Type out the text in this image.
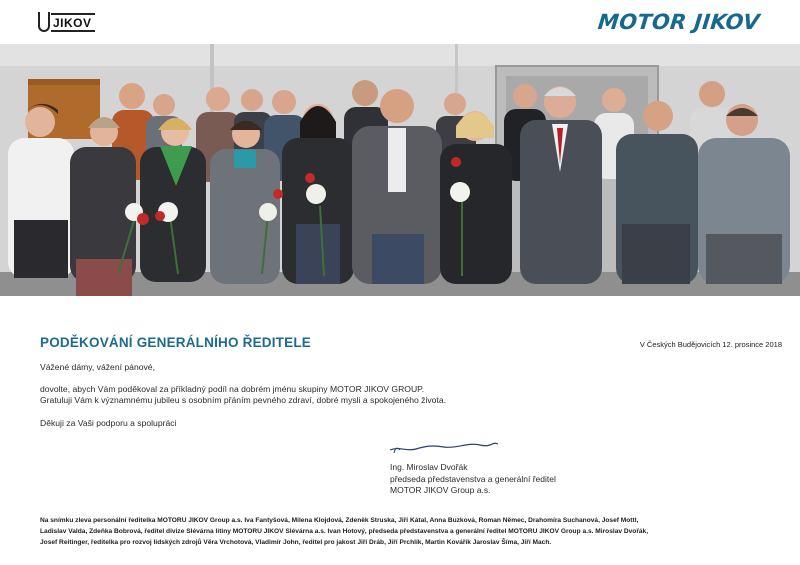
JIKOV	MOTOR JIKOV
PODĚKOVÁNÍ GENERÁLNÍHO ŘEDITELE	V Českých Budějovicích 12. prosince 2018

Vážené dámy, vážení pánové,

dovolte, abych Vám poděkoval za příkladný podíl na dobrém jménu skupiny MOTOR JIKOV GROUP.

Gratuluji Vám k významnému jubileu s osobním přáním pevného zdraví, dobré mysli a spokojeného života.

Děkuji za Vaši podporu a spolupráci

Ing. Miroslav Dvořák
předseda představenstva a generální ředitel
MOTOR JIKOV Group a.s.
Na snímku zleva personální ředitelka MOTORU JIKOV Group a.s. Iva Fantyšová, Milena Klojdová, Zdeněk Struska, Jiří Kátal, Anna Buzková, Roman Němec, Drahomíra Suchanová, Josef Mottl,
Ladislav Valda, Zdeňka Bobrová, ředitel divize Slévárna litiny MOTORU JIKOV Slévárna a.s. Ivan Hotový, předseda představenstva a generální ředitel MOTORU JIKOV Group a.s. Miroslav Dvořák,
Josef Reitinger, ředitelka pro rozvoj lidských zdrojů Věra Vrchotová, Vladimír John, ředitel pro jakost Jiří Dráb, Jiří Prchlík, Martin Kovářík Jaroslav Šíma, Jiří Mach.
